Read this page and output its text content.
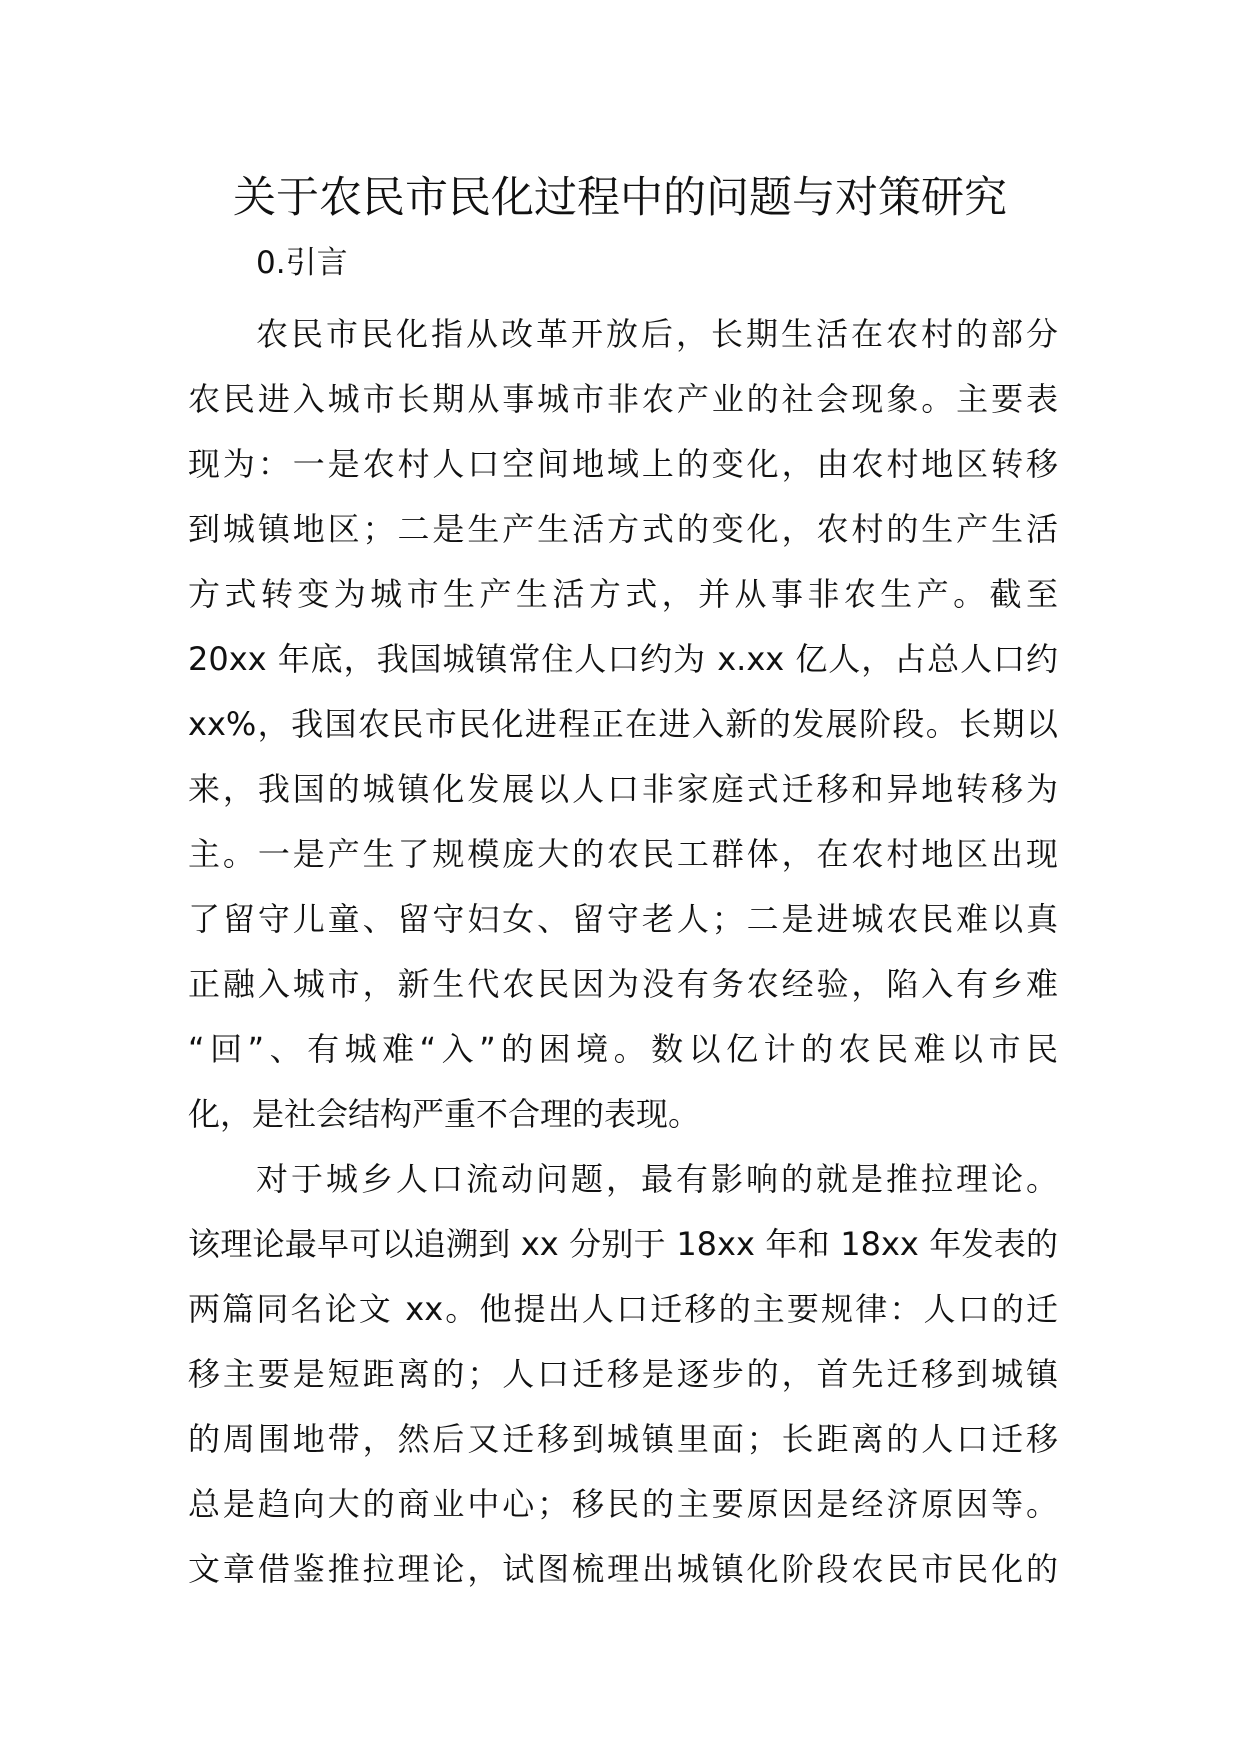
关于农民市民化过程中的问题与对策研究
0.引言
农民市民化指从改革开放后，长期生活在农村的部分
农民进入城市长期从事城市非农产业的社会现象。主要表
现为：一是农村人口空间地域上的变化，由农村地区转移
到城镇地区；二是生产生活方式的变化，农村的生产生活
方式转变为城市生产生活方式，并从事非农生产。截至
20xx 年底，我国城镇常住人口约为 x.xx 亿人，占总人口约
xx%，我国农民市民化进程正在进入新的发展阶段。长期以
来，我国的城镇化发展以人口非家庭式迁移和异地转移为
主。一是产生了规模庞大的农民工群体，在农村地区出现
了留守儿童、留守妇女、留守老人；二是进城农民难以真
正融入城市，新生代农民因为没有务农经验，陷入有乡难
“回”、有城难“入”的困境。数以亿计的农民难以市民
化，是社会结构严重不合理的表现。
对于城乡人口流动问题，最有影响的就是推拉理论。
该理论最早可以追溯到 xx 分别于 18xx 年和 18xx 年发表的
两篇同名论文 xx。他提出人口迁移的主要规律：人口的迁
移主要是短距离的；人口迁移是逐步的，首先迁移到城镇
的周围地带，然后又迁移到城镇里面；长距离的人口迁移
总是趋向大的商业中心；移民的主要原因是经济原因等。
文章借鉴推拉理论，试图梳理出城镇化阶段农民市民化的
